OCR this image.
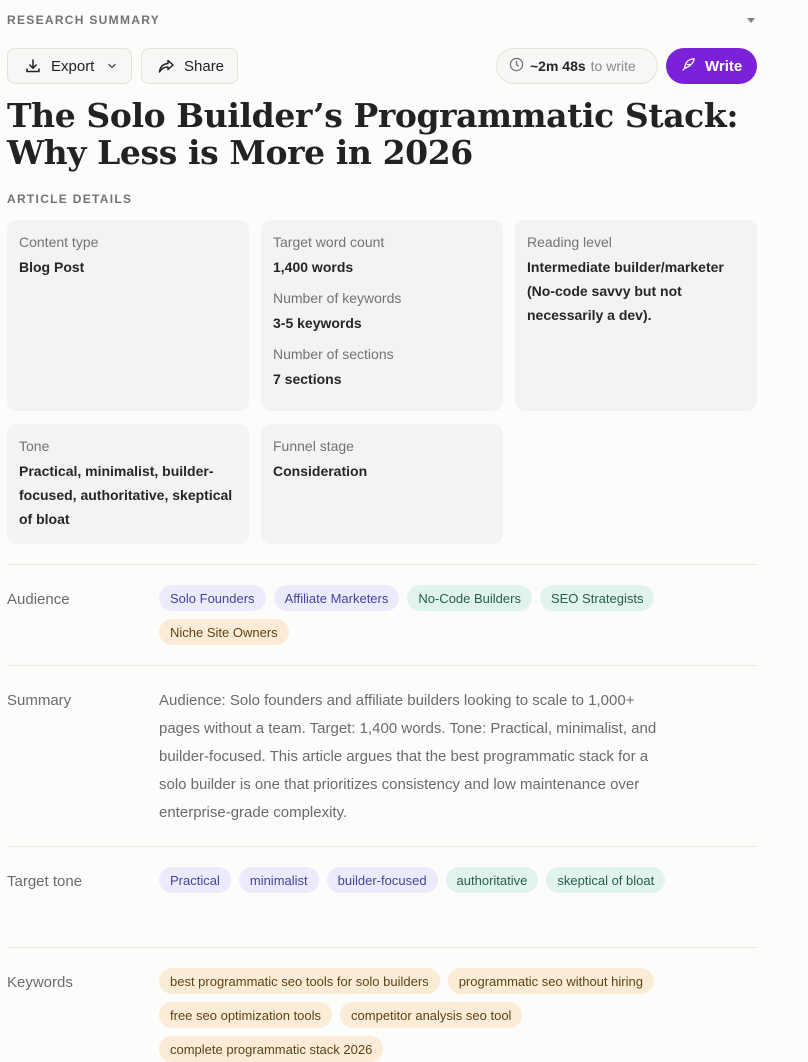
RESEARCH SUMMARY
Export	Share	~2m 48s to write	Write
The Solo Builder’s Programmatic Stack:
Why Less is More in 2026
ARTICLE DETAILS
Content type
Blog Post
Target word count
1,400 words
Number of keywords
3-5 keywords
Number of sections
7 sections
Reading level
Intermediate builder/marketer (No-code savvy but not necessarily a dev).
Tone
Practical, minimalist, builder-focused, authoritative, skeptical of bloat
Funnel stage
Consideration
Audience	Solo Founders	Affiliate Marketers	No-Code Builders	SEO Strategists
Niche Site Owners
Summary	Audience: Solo founders and affiliate builders looking to scale to 1,000+ pages without a team. Target: 1,400 words. Tone: Practical, minimalist, and builder-focused. This article argues that the best programmatic stack for a solo builder is one that prioritizes consistency and low maintenance over enterprise-grade complexity.
Target tone	Practical	minimalist	builder-focused	authoritative	skeptical of bloat
Keywords	best programmatic seo tools for solo builders	programmatic seo without hiring
free seo optimization tools	competitor analysis seo tool
complete programmatic stack 2026
